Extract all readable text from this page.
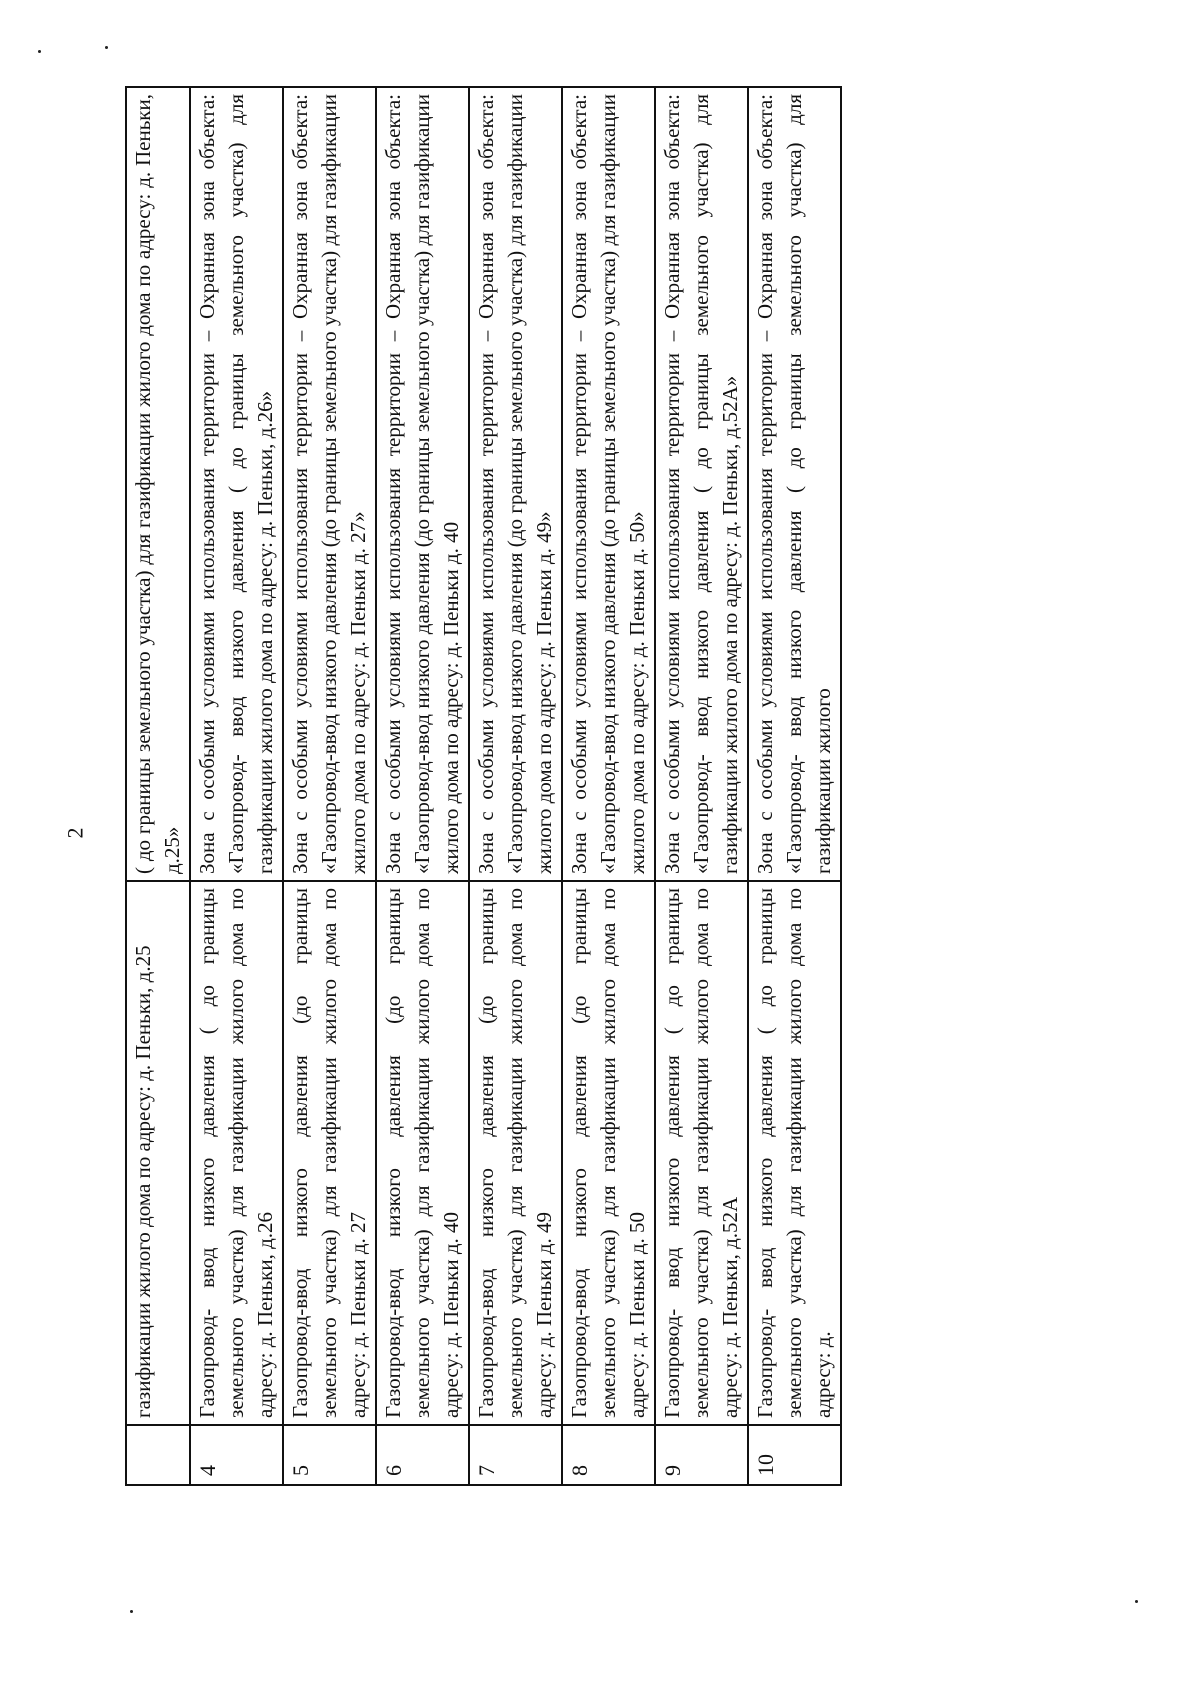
2
	газификации жилого дома по адресу: д. Пеньки, д.25	( до границы земельного участка) для газификации жилого дома по адресу: д. Пеньки, д.25»
4	Газопровод- ввод низкого давления ( до границы земельного участка) для газификации жилого дома по адресу: д. Пеньки, д.26	Зона с особыми условиями использования территории – Охранная зона объекта: «Газопровод- ввод низкого давления ( до границы земельного участка) для газификации жилого дома по адресу: д. Пеньки, д.26»
5	Газопровод-ввод низкого давления (до границы земельного участка) для газификации жилого дома по адресу: д. Пеньки д. 27	Зона с особыми условиями использования территории – Охранная зона объекта: «Газопровод-ввод низкого давления (до границы земельного участка) для газификации жилого дома по адресу: д. Пеньки д. 27»
6	Газопровод-ввод низкого давления (до границы земельного участка) для газификации жилого дома по адресу: д. Пеньки д. 40	Зона с особыми условиями использования территории – Охранная зона объекта: «Газопровод-ввод низкого давления (до границы земельного участка) для газификации жилого дома по адресу: д. Пеньки д. 40
7	Газопровод-ввод низкого давления (до границы земельного участка) для газификации жилого дома по адресу: д. Пеньки д. 49	Зона с особыми условиями использования территории – Охранная зона объекта: «Газопровод-ввод низкого давления (до границы земельного участка) для газификации жилого дома по адресу: д. Пеньки д. 49»
8	Газопровод-ввод низкого давления (до границы земельного участка) для газификации жилого дома по адресу: д. Пеньки д. 50	Зона с особыми условиями использования территории – Охранная зона объекта: «Газопровод-ввод низкого давления (до границы земельного участка) для газификации жилого дома по адресу: д. Пеньки д. 50»
9	Газопровод- ввод низкого давления ( до границы земельного участка) для газификации жилого дома по адресу: д. Пеньки, д.52А	Зона с особыми условиями использования территории – Охранная зона объекта: «Газопровод- ввод низкого давления ( до границы земельного участка) для газификации жилого дома по адресу: д. Пеньки, д.52А»
10	Газопровод- ввод низкого давления ( до границы земельного участка) для газификации жилого дома по адресу: д.	Зона с особыми условиями использования территории – Охранная зона объекта: «Газопровод- ввод низкого давления ( до границы земельного участка) для газификации жилого
